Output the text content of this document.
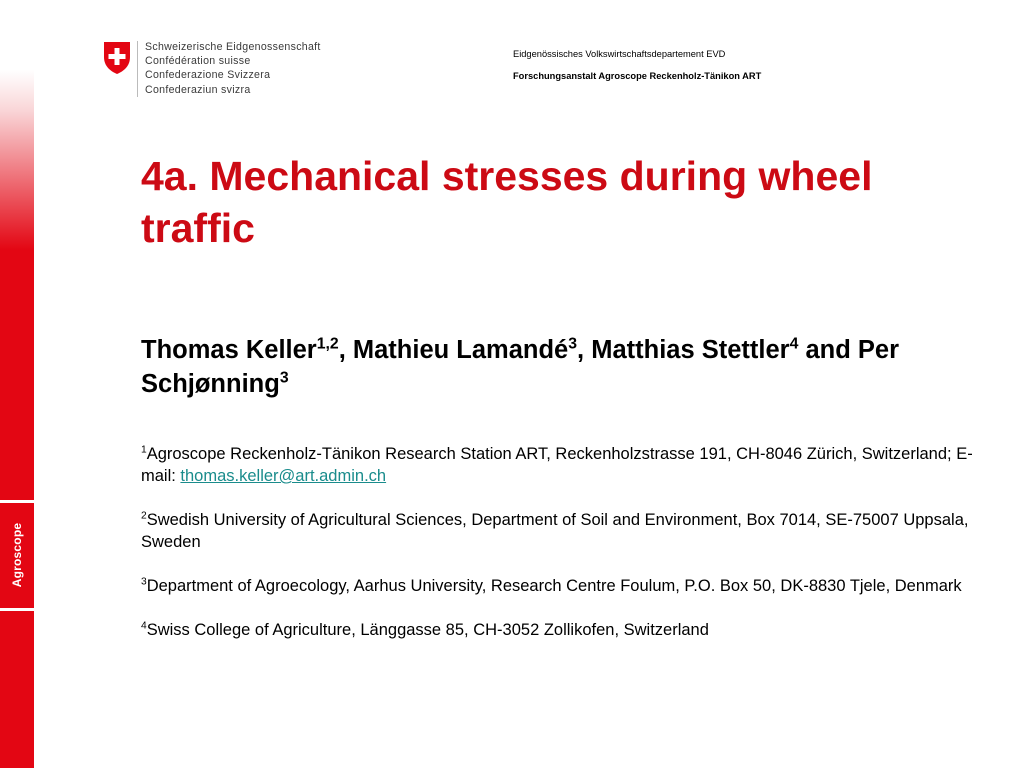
Agroscope
Schweizerische Eidgenossenschaft
Confédération suisse
Confederazione Svizzera
Confederaziun svizra
Eidgenössisches Volkswirtschaftsdepartement EVD
Forschungsanstalt Agroscope Reckenholz-Tänikon ART
4a. Mechanical stresses during wheel traffic

Thomas Keller$^{1,2}$, Mathieu Lamandé$^3$, Matthias Stettler$^4$ and Per Schjønning$^3$

$^1$Agroscope Reckenholz-Tänikon Research Station ART, Reckenholzstrasse 191, CH-8046 Zürich, Switzerland; E-mail: thomas.keller@art.admin.ch

$^2$Swedish University of Agricultural Sciences, Department of Soil and Environment, Box 7014, SE-75007 Uppsala, Sweden

$^3$Department of Agroecology, Aarhus University, Research Centre Foulum, P.O. Box 50, DK-8830 Tjele, Denmark

$^4$Swiss College of Agriculture, Länggasse 85, CH-3052 Zollikofen, Switzerland
